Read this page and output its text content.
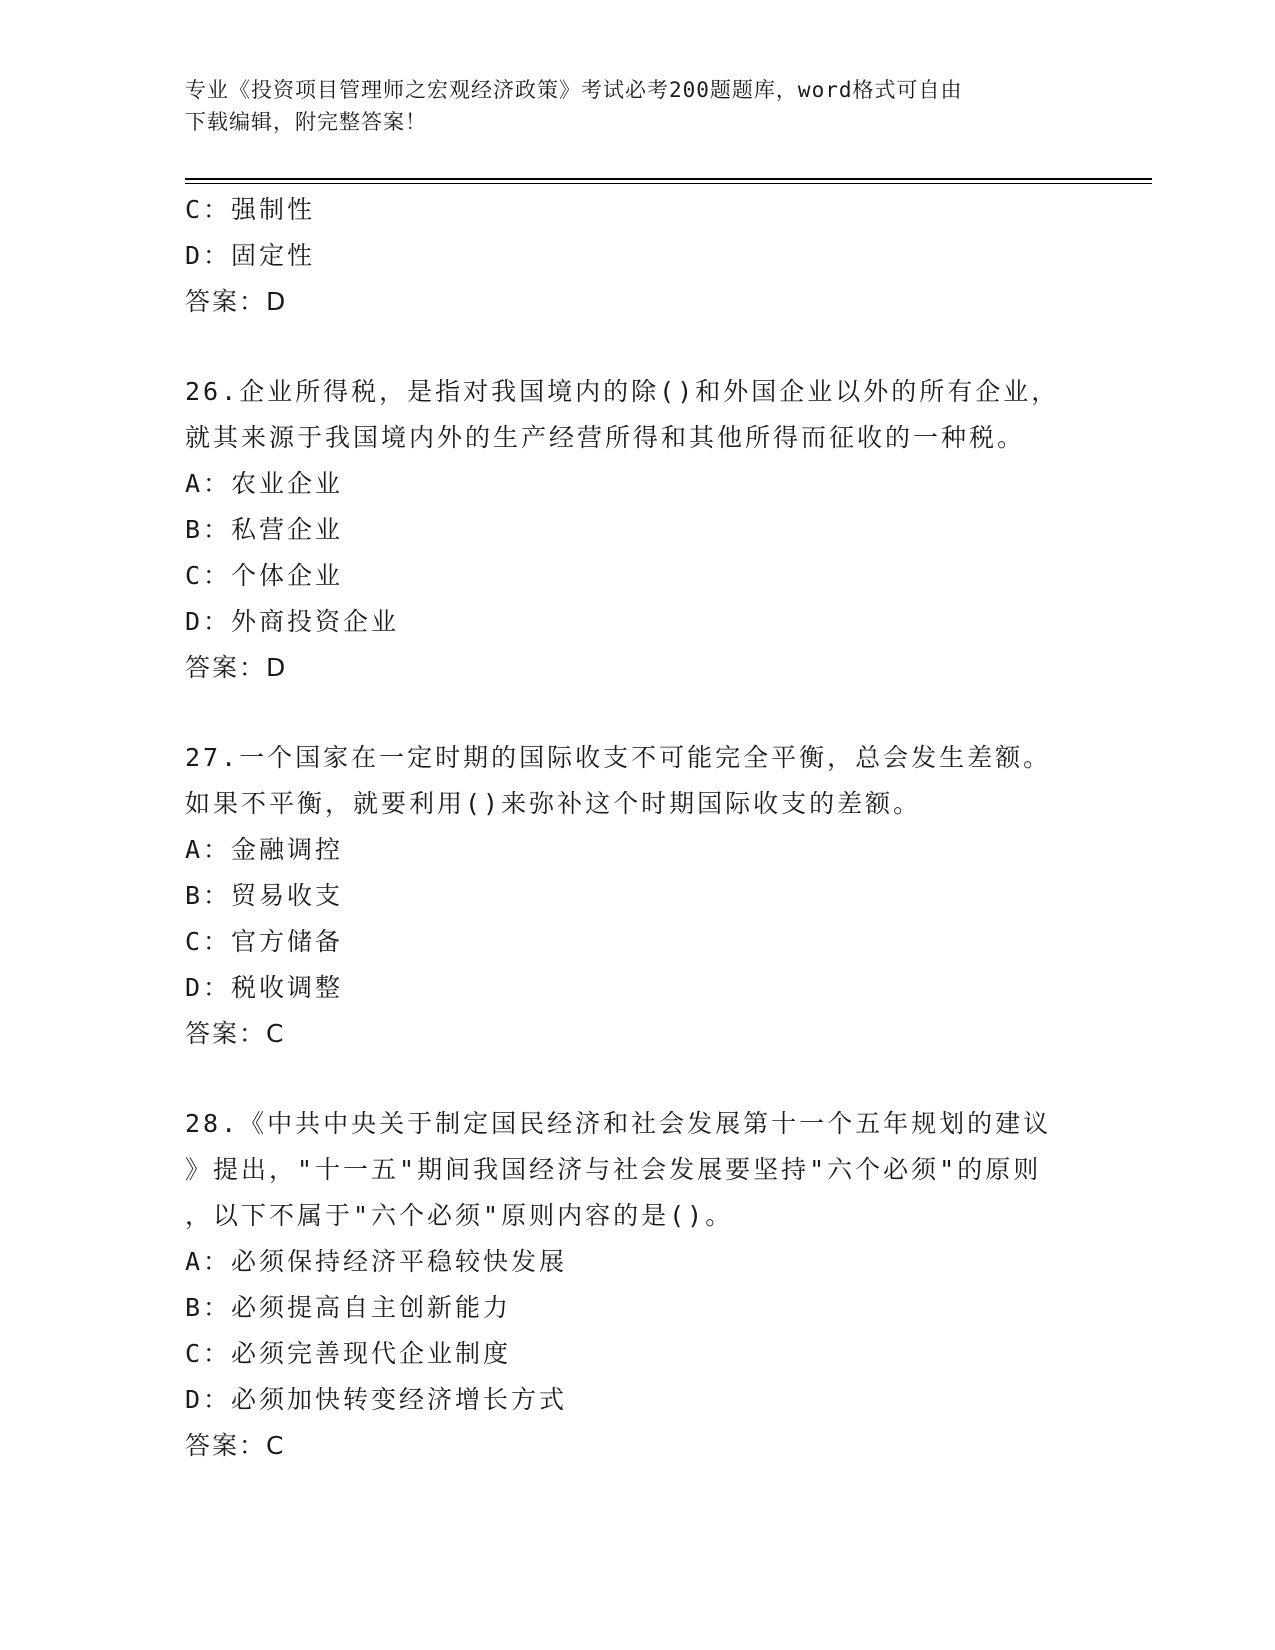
专业《投资项目管理师之宏观经济政策》考试必考200题题库，word格式可自由
下载编辑，附完整答案！
C：强制性
D：固定性
答案：D
26.企业所得税，是指对我国境内的除()和外国企业以外的所有企业，
就其来源于我国境内外的生产经营所得和其他所得而征收的一种税。
A：农业企业
B：私营企业
C：个体企业
D：外商投资企业
答案：D
27.一个国家在一定时期的国际收支不可能完全平衡，总会发生差额。
如果不平衡，就要利用()来弥补这个时期国际收支的差额。
A：金融调控
B：贸易收支
C：官方储备
D：税收调整
答案：C
28.《中共中央关于制定国民经济和社会发展第十一个五年规划的建议
》提出，"十一五"期间我国经济与社会发展要坚持"六个必须"的原则
，以下不属于"六个必须"原则内容的是()。
A：必须保持经济平稳较快发展
B：必须提高自主创新能力
C：必须完善现代企业制度
D：必须加快转变经济增长方式
答案：C
